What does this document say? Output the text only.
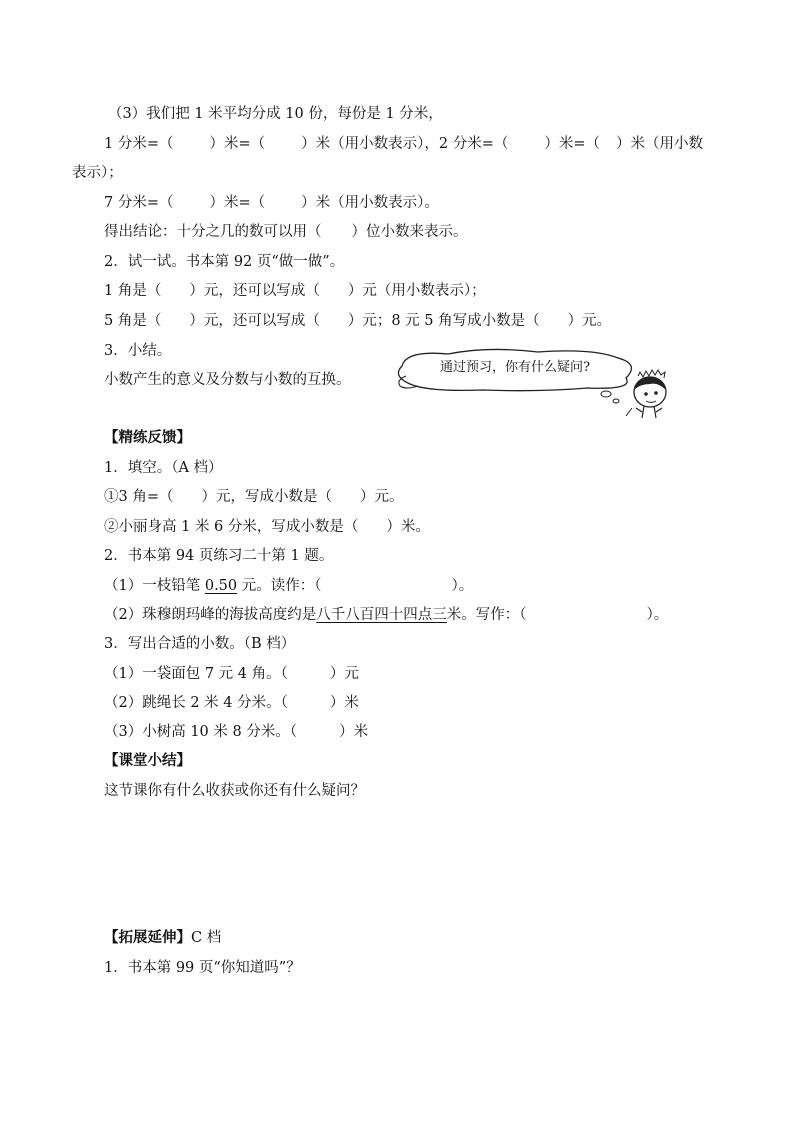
（3）我们把 1 米平均分成 10 份，每份是 1 分米，
1 分米=（ ）米=（ ）米（用小数表示），2 分米=（ ）米=（ ）米（用小数
表示）；
7 分米=（ ）米=（ ）米（用小数表示）。
得出结论：十分之几的数可以用（ ）位小数来表示。
2．试一试。书本第 92 页“做一做”。
1 角是（ ）元，还可以写成（ ）元（用小数表示）；
5 角是（ ）元，还可以写成（ ）元；8 元 5 角写成小数是（ ）元。
3．小结。
小数产生的意义及分数与小数的互换。
通过预习，你有什么疑问?
【精练反馈】
1．填空。（A 档）
①3 角=（ ）元，写成小数是（ ）元。
②小丽身高 1 米 6 分米，写成小数是（ ）米。
2．书本第 94 页练习二十第 1 题。
（1）一枝铅笔 0.50 元。读作：（	）。
（2）珠穆朗玛峰的海拔高度约是八千八百四十四点三米。写作：（	）。
3．写出合适的小数。（B 档）
（1）一袋面包 7 元 4 角。（	）元
（2）跳绳长 2 米 4 分米。（	）米
（3）小树高 10 米 8 分米。（	）米
【课堂小结】
这节课你有什么收获或你还有什么疑问？
【拓展延伸】C 档
1．书本第 99 页“你知道吗”？
